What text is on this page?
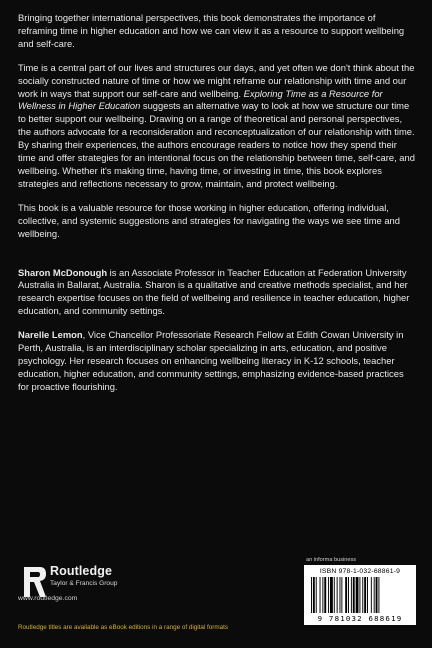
Bringing together international perspectives, this book demonstrates the importance of reframing time in higher education and how we can view it as a resource to support wellbeing and self-care.

Time is a central part of our lives and structures our days, and yet often we don't think about the socially constructed nature of time or how we might reframe our relationship with time and our work in ways that support our self-care and wellbeing. Exploring Time as a Resource for Wellness in Higher Education suggests an alternative way to look at how we structure our time to better support our wellbeing. Drawing on a range of theoretical and personal perspectives, the authors advocate for a reconsideration and reconceptualization of our relationship with time. By sharing their experiences, the authors encourage readers to notice how they spend their time and offer strategies for an intentional focus on the relationship between time, self-care, and wellbeing. Whether it's making time, having time, or investing in time, this book explores strategies and reflections necessary to grow, maintain, and protect wellbeing.

This book is a valuable resource for those working in higher education, offering individual, collective, and systemic suggestions and strategies for navigating the ways we see time and wellbeing.

Sharon McDonough is an Associate Professor in Teacher Education at Federation University Australia in Ballarat, Australia. Sharon is a qualitative and creative methods specialist, and her research expertise focuses on the field of wellbeing and resilience in teacher education, higher education, and community settings.

Narelle Lemon, Vice Chancellor Professoriate Research Fellow at Edith Cowan University in Perth, Australia, is an interdisciplinary scholar specializing in arts, education, and positive psychology. Her research focuses on enhancing wellbeing literacy in K-12 schools, teacher education, higher education, and community settings, emphasizing evidence-based practices for proactive flourishing.

Routledge
Taylor & Francis Group
www.routledge.com
Routledge titles are available as eBook editions in a range of digital formats
an informa business
ISBN 978-1-032-68861-9
9 781032 688619
